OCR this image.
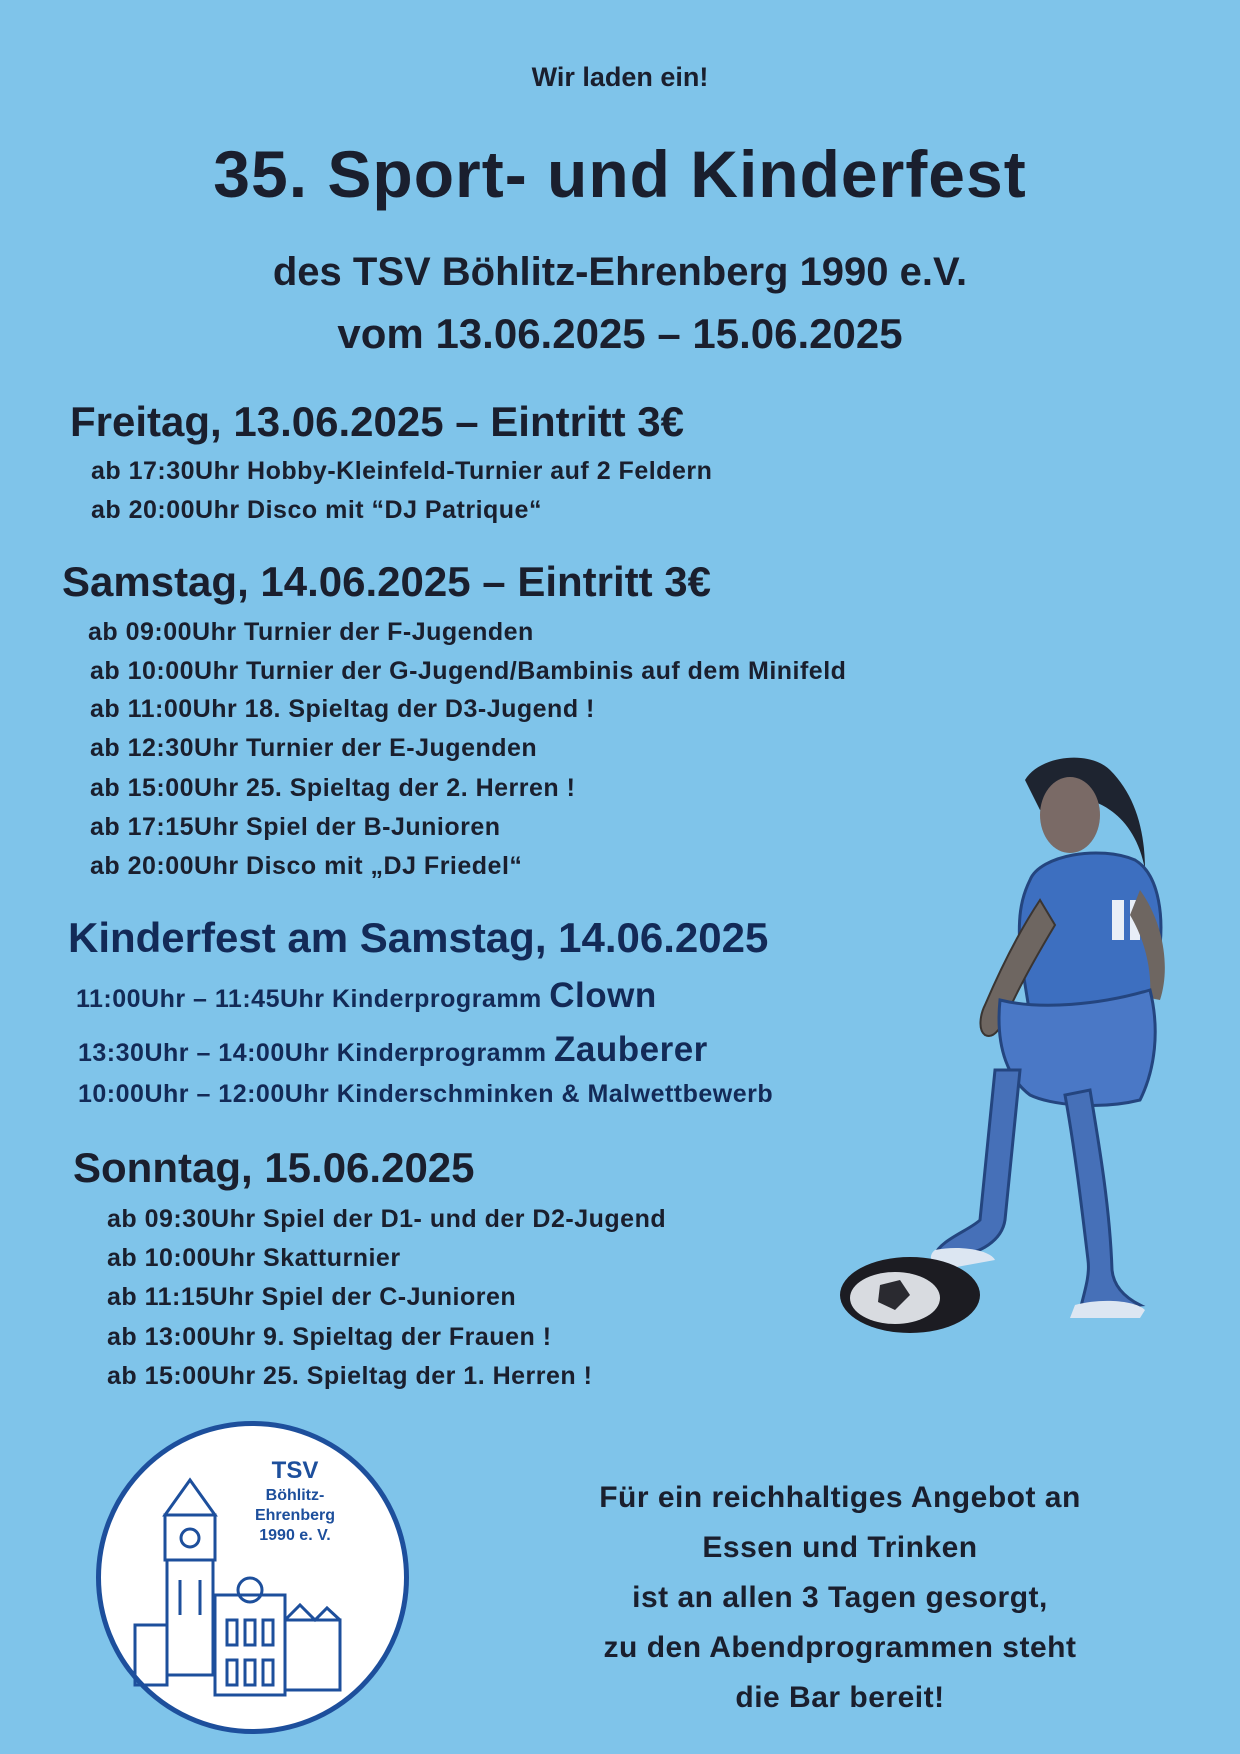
Wir laden ein!
35. Sport- und Kinderfest
des TSV Böhlitz-Ehrenberg 1990 e.V.
vom 13.06.2025 – 15.06.2025
Freitag, 13.06.2025 – Eintritt 3€
ab 17:30Uhr Hobby-Kleinfeld-Turnier auf 2 Feldern
ab 20:00Uhr Disco mit “DJ Patrique“
Samstag, 14.06.2025 – Eintritt 3€
ab 09:00Uhr Turnier der F-Jugenden
ab 10:00Uhr Turnier der G-Jugend/Bambinis auf dem Minifeld
ab 11:00Uhr 18. Spieltag der D3-Jugend !
ab 12:30Uhr Turnier der E-Jugenden
ab 15:00Uhr 25. Spieltag der 2. Herren !
ab 17:15Uhr Spiel der B-Junioren
ab 20:00Uhr Disco mit „DJ Friedel“
Kinderfest am Samstag, 14.06.2025
11:00Uhr – 11:45Uhr Kinderprogramm Clown
13:30Uhr – 14:00Uhr Kinderprogramm Zauberer
10:00Uhr – 12:00Uhr Kinderschminken & Malwettbewerb
Sonntag, 15.06.2025
ab 09:30Uhr Spiel der D1- und der D2-Jugend
ab 10:00Uhr Skatturnier
ab 11:15Uhr Spiel der C-Junioren
ab 13:00Uhr 9. Spieltag der Frauen !
ab 15:00Uhr 25. Spieltag der 1. Herren !
TSV
Böhlitz-
Ehrenberg
1990 e. V.
Für ein reichhaltiges Angebot an
Essen und Trinken
ist an allen 3 Tagen gesorgt,
zu den Abendprogrammen steht
die Bar bereit!
